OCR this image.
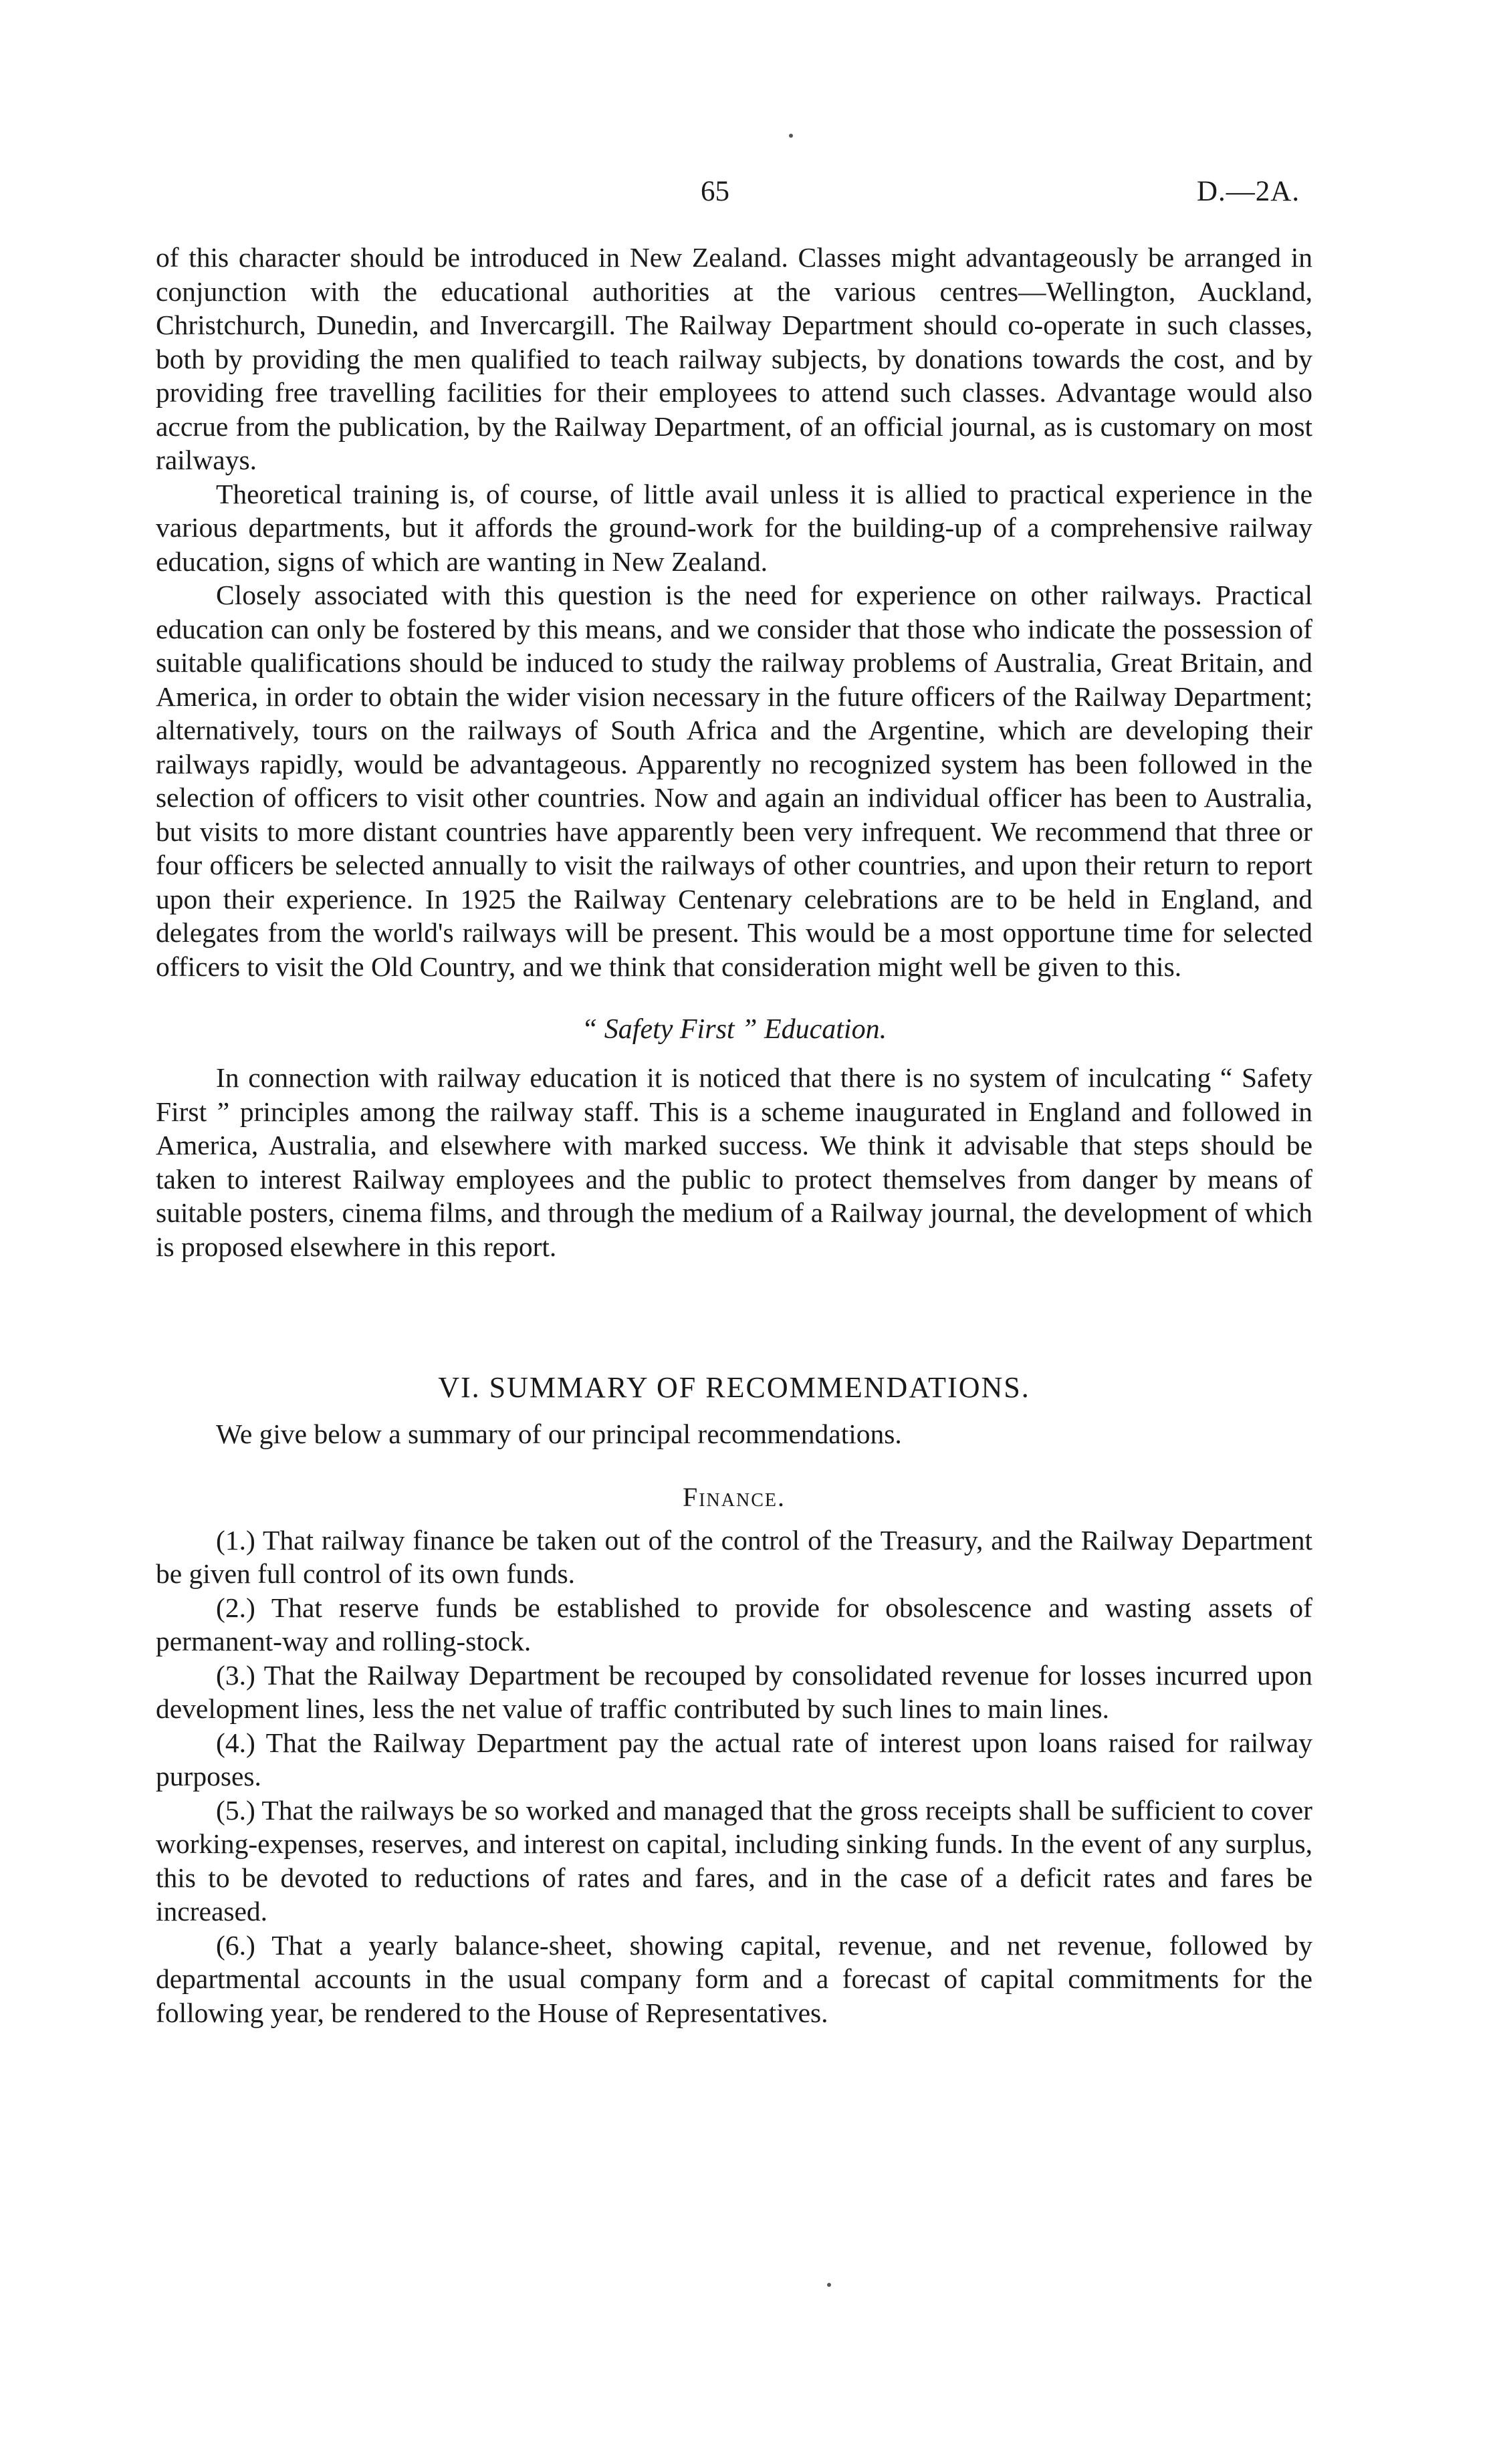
65	D.—2A.

of this character should be introduced in New Zealand. Classes might advantageously be arranged in conjunction with the educational authorities at the various centres—Wellington, Auckland, Christchurch, Dunedin, and Invercargill. The Railway Department should co-operate in such classes, both by providing the men qualified to teach railway subjects, by donations towards the cost, and by providing free travelling facilities for their employees to attend such classes. Advantage would also accrue from the publication, by the Railway Department, of an official journal, as is customary on most railways.

Theoretical training is, of course, of little avail unless it is allied to practical experience in the various departments, but it affords the ground-work for the building-up of a comprehensive railway education, signs of which are wanting in New Zealand.

Closely associated with this question is the need for experience on other railways. Practical education can only be fostered by this means, and we consider that those who indicate the possession of suitable qualifications should be induced to study the railway problems of Australia, Great Britain, and America, in order to obtain the wider vision necessary in the future officers of the Railway Department; alternatively, tours on the railways of South Africa and the Argentine, which are developing their railways rapidly, would be advantageous. Apparently no recognized system has been followed in the selection of officers to visit other countries. Now and again an individual officer has been to Australia, but visits to more distant countries have apparently been very infrequent. We recommend that three or four officers be selected annually to visit the railways of other countries, and upon their return to report upon their experience. In 1925 the Railway Centenary celebrations are to be held in England, and delegates from the world's railways will be present. This would be a most opportune time for selected officers to visit the Old Country, and we think that consideration might well be given to this.

“ Safety First ” Education.

In connection with railway education it is noticed that there is no system of inculcating “ Safety First ” principles among the railway staff. This is a scheme inaugurated in England and followed in America, Australia, and elsewhere with marked success. We think it advisable that steps should be taken to interest Railway employees and the public to protect themselves from danger by means of suitable posters, cinema films, and through the medium of a Railway journal, the development of which is proposed elsewhere in this report.

VI. SUMMARY OF RECOMMENDATIONS.

We give below a summary of our principal recommendations.

Finance.

(1.) That railway finance be taken out of the control of the Treasury, and the Railway Department be given full control of its own funds.

(2.) That reserve funds be established to provide for obsolescence and wasting assets of permanent-way and rolling-stock.

(3.) That the Railway Department be recouped by consolidated revenue for losses incurred upon development lines, less the net value of traffic contributed by such lines to main lines.

(4.) That the Railway Department pay the actual rate of interest upon loans raised for railway purposes.

(5.) That the railways be so worked and managed that the gross receipts shall be sufficient to cover working-expenses, reserves, and interest on capital, including sinking funds. In the event of any surplus, this to be devoted to reductions of rates and fares, and in the case of a deficit rates and fares be increased.

(6.) That a yearly balance-sheet, showing capital, revenue, and net revenue, followed by departmental accounts in the usual company form and a forecast of capital commitments for the following year, be rendered to the House of Representatives.
